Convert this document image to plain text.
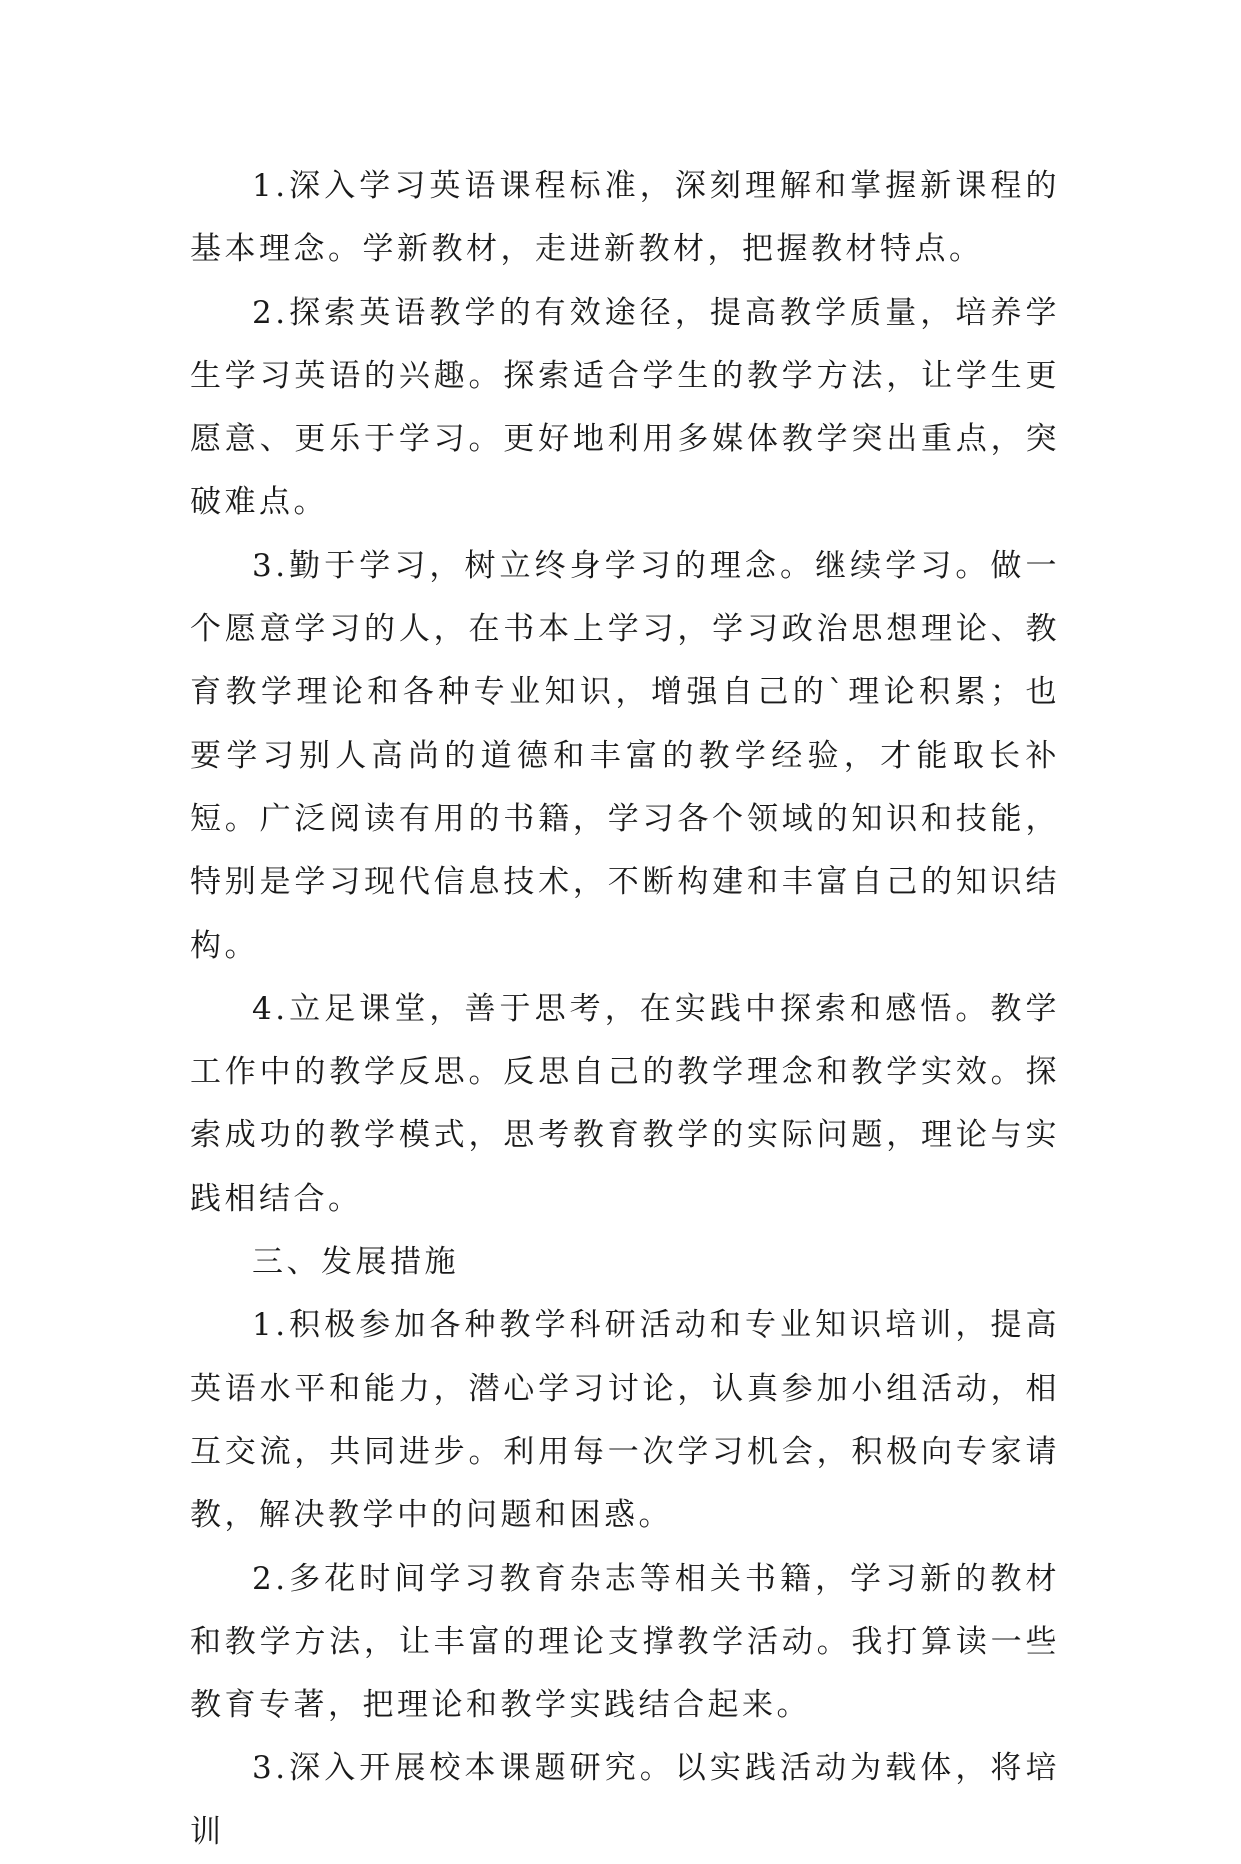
1.深入学习英语课程标准，深刻理解和掌握新课程的基本理念。学新教材，走进新教材，把握教材特点。

2.探索英语教学的有效途径，提高教学质量，培养学生学习英语的兴趣。探索适合学生的教学方法，让学生更愿意、更乐于学习。更好地利用多媒体教学突出重点，突破难点。

3.勤于学习，树立终身学习的理念。继续学习。做一个愿意学习的人，在书本上学习，学习政治思想理论、教育教学理论和各种专业知识，增强自己的`理论积累；也要学习别人高尚的道德和丰富的教学经验，才能取长补短。广泛阅读有用的书籍，学习各个领域的知识和技能，特别是学习现代信息技术，不断构建和丰富自己的知识结构。

4.立足课堂，善于思考，在实践中探索和感悟。教学工作中的教学反思。反思自己的教学理念和教学实效。探索成功的教学模式，思考教育教学的实际问题，理论与实践相结合。

三、发展措施

1.积极参加各种教学科研活动和专业知识培训，提高英语水平和能力，潜心学习讨论，认真参加小组活动，相互交流，共同进步。利用每一次学习机会，积极向专家请教，解决教学中的问题和困惑。

2.多花时间学习教育杂志等相关书籍，学习新的教材和教学方法，让丰富的理论支撑教学活动。我打算读一些教育专著，把理论和教学实践结合起来。

3.深入开展校本课题研究。以实践活动为载体，将培训
